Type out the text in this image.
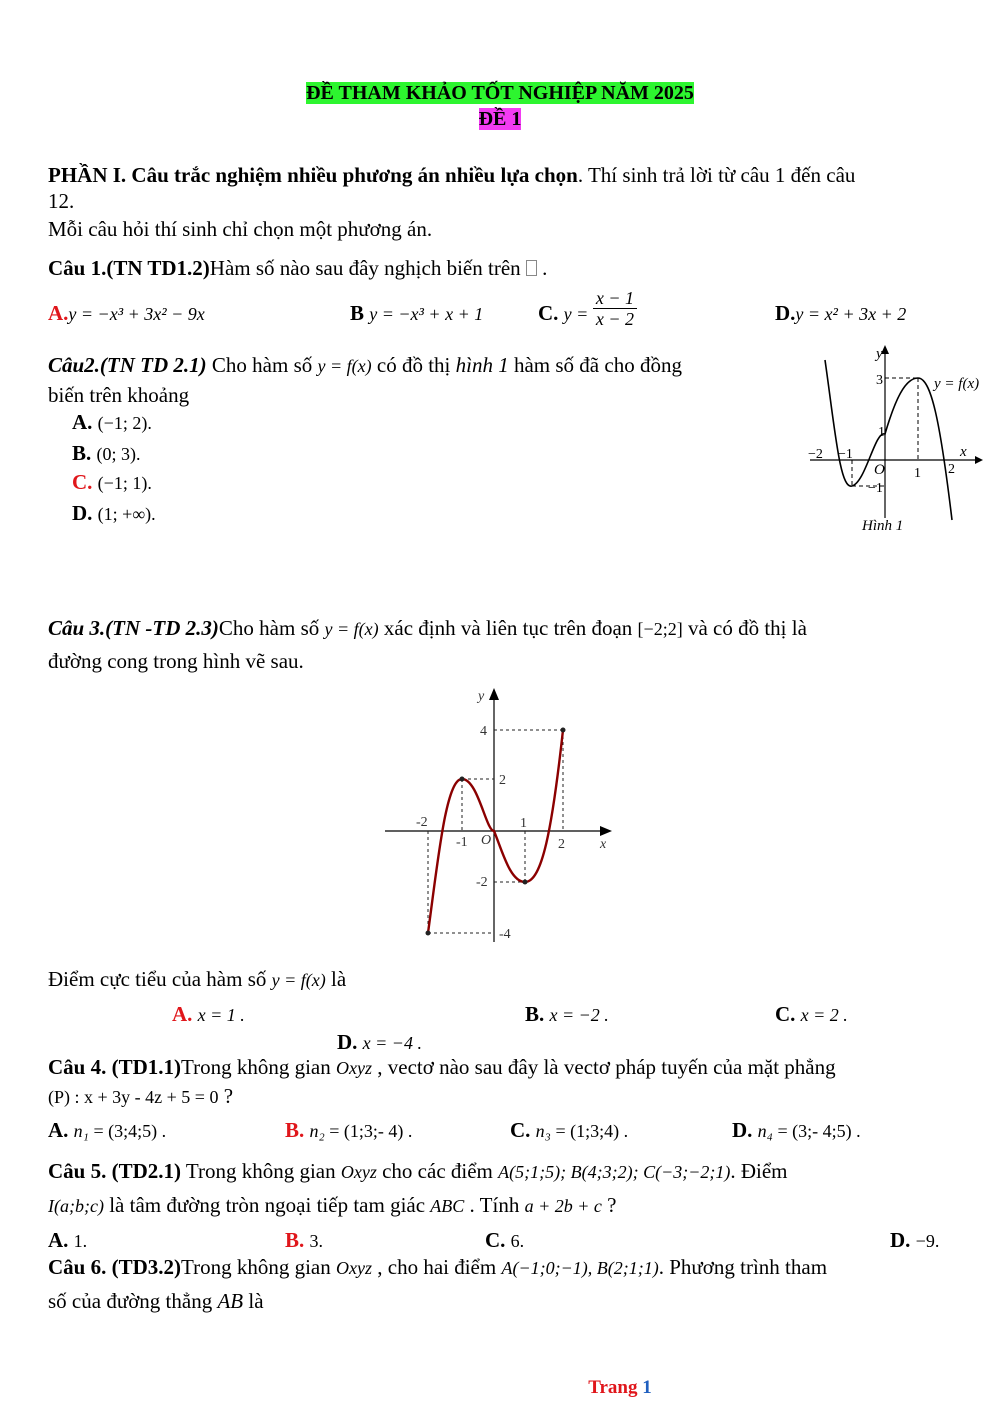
ĐỀ THAM KHẢO TỐT NGHIỆP NĂM 2025
ĐỀ 1
PHẦN I. Câu trắc nghiệm nhiều phương án nhiều lựa chọn. Thí sinh trả lời từ câu 1 đến câu
12.
Mỗi câu hỏi thí sinh chỉ chọn một phương án.
Câu 1.(TN TD1.2)Hàm số nào sau đây nghịch biến trên  .
A.y = −x³ + 3x² − 9x	B y = −x³ + x + 1	C. y =
x − 1
x − 2	D.y = x² + 3x + 2
Câu2.(TN TD 2.1) Cho hàm số y = f(x) có đồ thị hình 1 hàm số đã cho đồng
biến trên khoảng
A. (−1; 2).
B. (0; 3).
C. (−1; 1).
D. (1; +∞).
y
x
y = f(x)
3
1
−2 −1
O 1 2
−1
Hình 1
Câu 3.(TN -TD 2.3)Cho hàm số y = f(x) xác định và liên tục trên đoạn [−2;2] và có đồ thị là
đường cong trong hình vẽ sau.
y
x
4
2
-2	1
-1 O	2
-2
-4
Điểm cực tiểu của hàm số y = f(x) là
A. x = 1 .	B. x = −2 .	C. x = 2 .
D. x = −4 .
Câu 4. (TD1.1)Trong không gian Oxyz , vectơ nào sau đây là vectơ pháp tuyến của mặt phẳng
(P) : x + 3y - 4z + 5 = 0 ?
A. n₁ = (3;4;5) .	B. n₂ = (1;3;- 4) .	C. n₃ = (1;3;4) .	D. n₄ = (3;- 4;5) .
Câu 5. (TD2.1) Trong không gian Oxyz cho các điểm A(5;1;5); B(4;3;2); C(−3;−2;1). Điểm
I(a;b;c) là tâm đường tròn ngoại tiếp tam giác ABC . Tính a + 2b + c ?
A. 1.	B. 3.	C. 6.	D. −9.
Câu 6. (TD3.2)Trong không gian Oxyz , cho hai điểm A(−1;0;−1), B(2;1;1). Phương trình tham
số của đường thẳng AB là
Trang 1
